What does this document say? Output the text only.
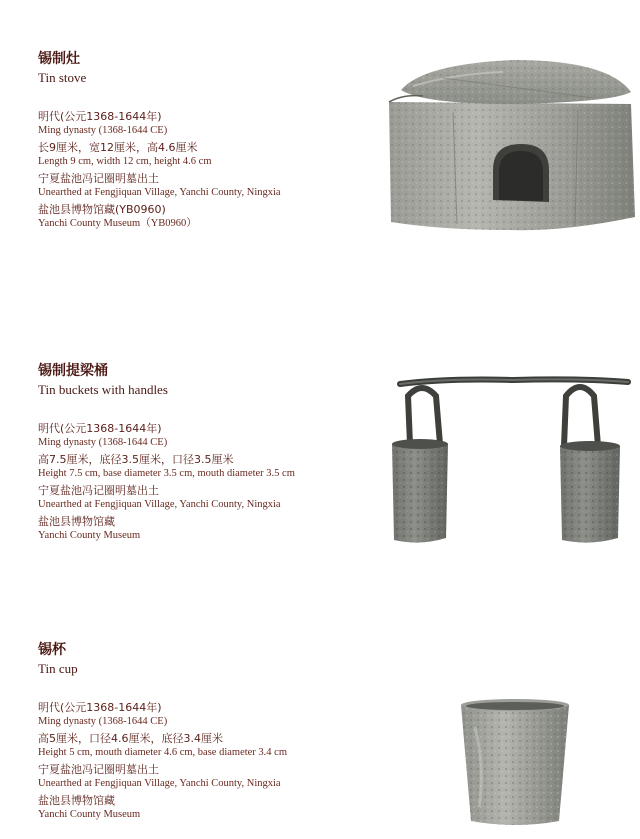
锡制灶
Tin stove
明代(公元1368-1644年)
Ming dynasty (1368-1644 CE)
长9厘米，宽12厘米，高4.6厘米
Length 9 cm, width 12 cm, height 4.6 cm
宁夏盐池冯记圈明墓出土
Unearthed at Fengjiquan Village, Yanchi County, Ningxia
盐池县博物馆藏(YB0960)
Yanchi County Museum（YB0960）
锡制提梁桶
Tin buckets with handles
明代(公元1368-1644年)
Ming dynasty (1368-1644 CE)
高7.5厘米，底径3.5厘米，口径3.5厘米
Height 7.5 cm, base diameter 3.5 cm, mouth diameter 3.5 cm
宁夏盐池冯记圈明墓出土
Unearthed at Fengjiquan Village, Yanchi County, Ningxia
盐池县博物馆藏
Yanchi County Museum
锡杯
Tin cup
明代(公元1368-1644年)
Ming dynasty (1368-1644 CE)
高5厘米，口径4.6厘米，底径3.4厘米
Height 5 cm, mouth diameter 4.6 cm, base diameter 3.4 cm
宁夏盐池冯记圈明墓出土
Unearthed at Fengjiquan Village, Yanchi County, Ningxia
盐池县博物馆藏
Yanchi County Museum
